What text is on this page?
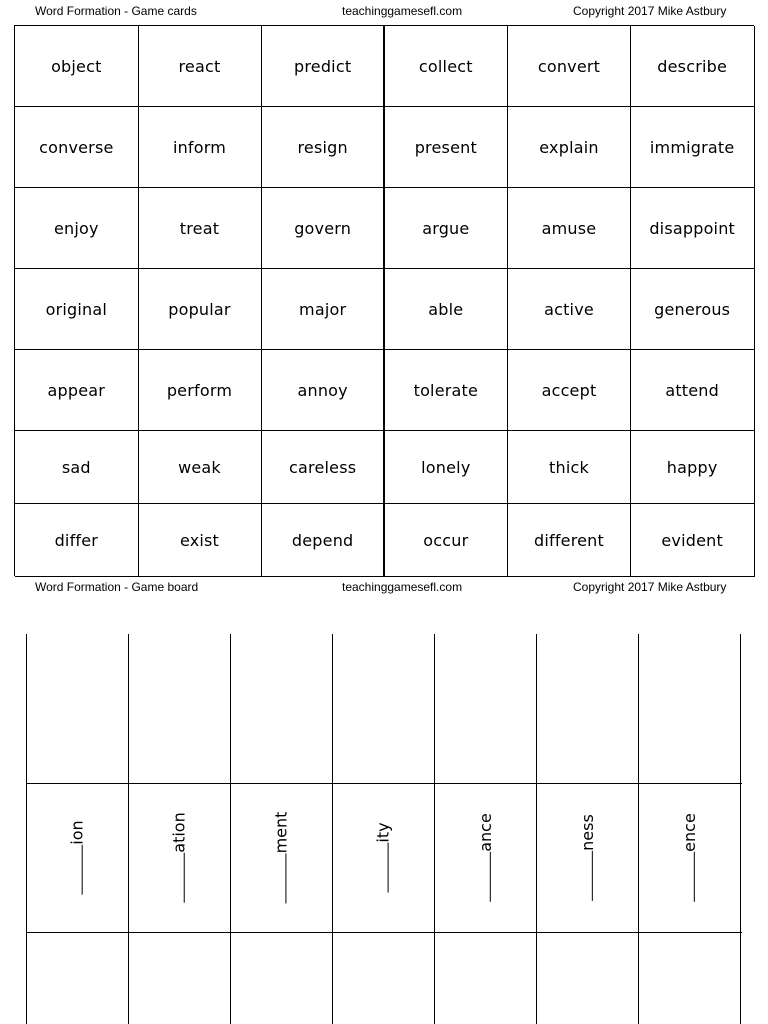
Word Formation - Game cards	teachinggamesefl.com	Copyright 2017 Mike Astbury
object	react	predict	collect	convert	describe
converse	inform	resign	present	explain	immigrate
enjoy	treat	govern	argue	amuse	disappoint
original	popular	major	able	active	generous
appear	perform	annoy	tolerate	accept	attend
sad	weak	careless	lonely	thick	happy
differ	exist	depend	occur	different	evident
Word Formation - Game board	teachinggamesefl.com	Copyright 2017 Mike Astbury
ion	ation	ment	ity	ance	ness	ence
